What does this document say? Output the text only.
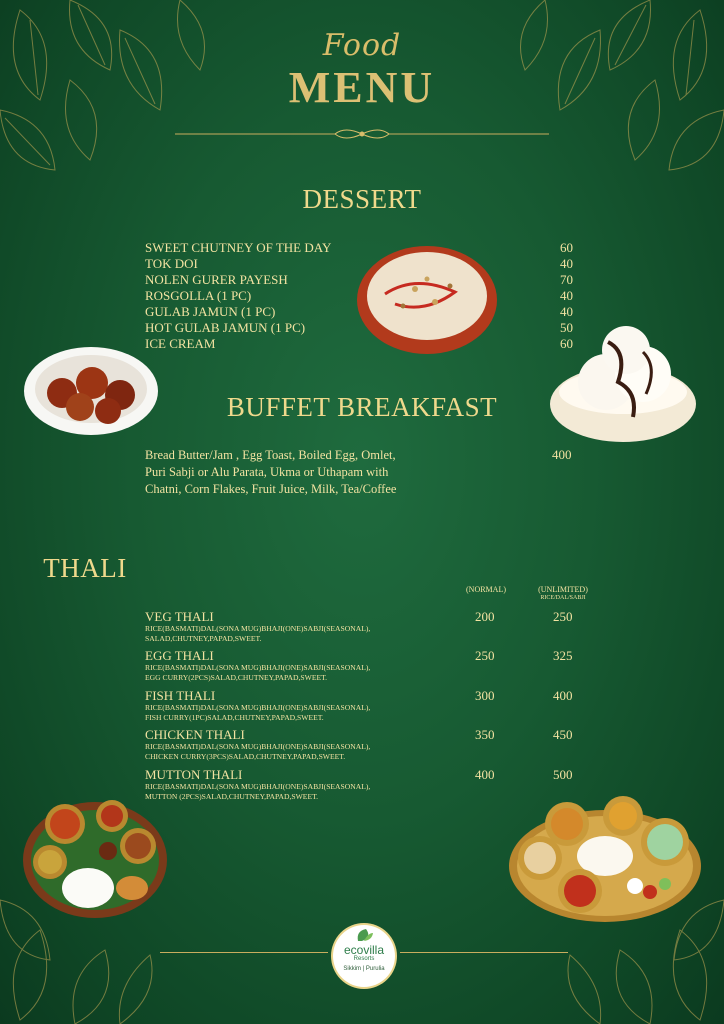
Food
MENU
DESSERT
SWEET CHUTNEY OF THE DAY	60
TOK DOI	40
NOLEN GURER PAYESH	70
ROSGOLLA (1 PC)	40
GULAB JAMUN (1 PC)	40
HOT GULAB JAMUN (1 PC)	50
ICE CREAM	60
BUFFET BREAKFAST
Bread Butter/Jam , Egg Toast, Boiled Egg, Omlet,
Puri Sabji or Alu Parata, Ukma or Uthapam with
Chatni, Corn Flakes, Fruit Juice, Milk, Tea/Coffee
400
THALI
(NORMAL)	(UNLIMITED)
RICE/DAL/SABJI
VEG THALI
RICE(BASMATI)DAL(SONA MUG)BHAJI(ONE)SABJI(SEASONAL),
SALAD,CHUTNEY,PAPAD,SWEET.
200	250
EGG THALI
RICE(BASMATI)DAL(SONA MUG)BHAJI(ONE)SABJI(SEASONAL),
EGG CURRY(2PCS)SALAD,CHUTNEY,PAPAD,SWEET.
250	325
FISH THALI
RICE(BASMATI)DAL(SONA MUG)BHAJI(ONE)SABJI(SEASONAL),
FISH CURRY(1PC)SALAD,CHUTNEY,PAPAD,SWEET.
300	400
CHICKEN THALI
RICE(BASMATI)DAL(SONA MUG)BHAJI(ONE)SABJI(SEASONAL),
CHICKEN CURRY(3PCS)SALAD,CHUTNEY,PAPAD,SWEET.
350	450
MUTTON THALI
RICE(BASMATI)DAL(SONA MUG)BHAJI(ONE)SABJI(SEASONAL),
MUTTON (2PCS)SALAD,CHUTNEY,PAPAD,SWEET.
400	500
ecovilla
Resorts
Sikkim | Purulia
